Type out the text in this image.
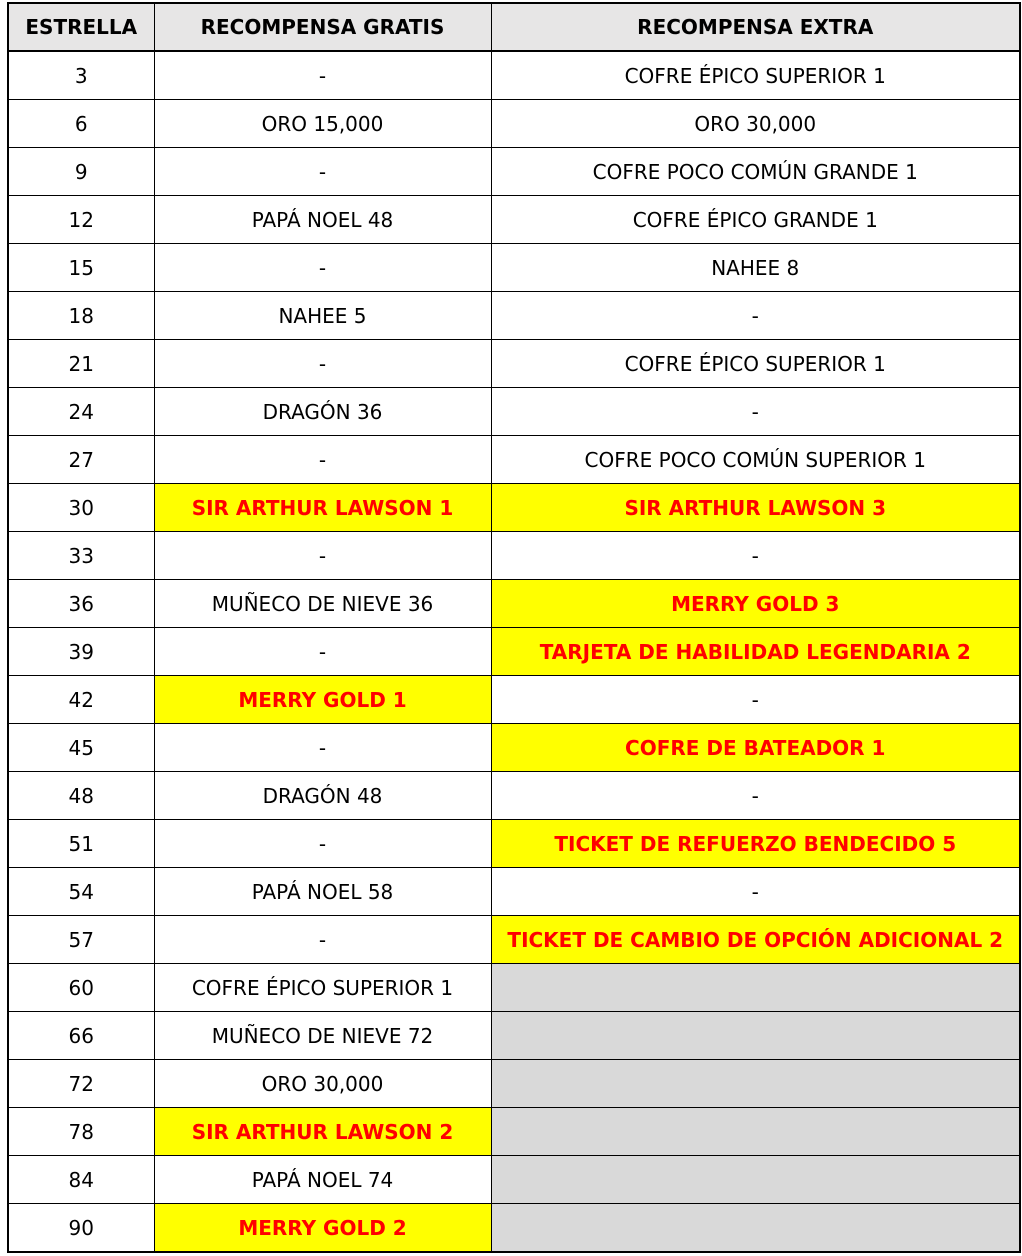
ESTRELLA	RECOMPENSA GRATIS	RECOMPENSA EXTRA
3	-	COFRE ÉPICO SUPERIOR 1
6	ORO 15,000	ORO 30,000
9	-	COFRE POCO COMÚN GRANDE 1
12	PAPÁ NOEL 48	COFRE ÉPICO GRANDE 1
15	-	NAHEE 8
18	NAHEE 5	-
21	-	COFRE ÉPICO SUPERIOR 1
24	DRAGÓN 36	-
27	-	COFRE POCO COMÚN SUPERIOR 1
30	SIR ARTHUR LAWSON 1	SIR ARTHUR LAWSON 3
33	-	-
36	MUÑECO DE NIEVE 36	MERRY GOLD 3
39	-	TARJETA DE HABILIDAD LEGENDARIA 2
42	MERRY GOLD 1	-
45	-	COFRE DE BATEADOR 1
48	DRAGÓN 48	-
51	-	TICKET DE REFUERZO BENDECIDO 5
54	PAPÁ NOEL 58	-
57	-	TICKET DE CAMBIO DE OPCIÓN ADICIONAL 2
60	COFRE ÉPICO SUPERIOR 1	
66	MUÑECO DE NIEVE 72	
72	ORO 30,000	
78	SIR ARTHUR LAWSON 2	
84	PAPÁ NOEL 74	
90	MERRY GOLD 2	
